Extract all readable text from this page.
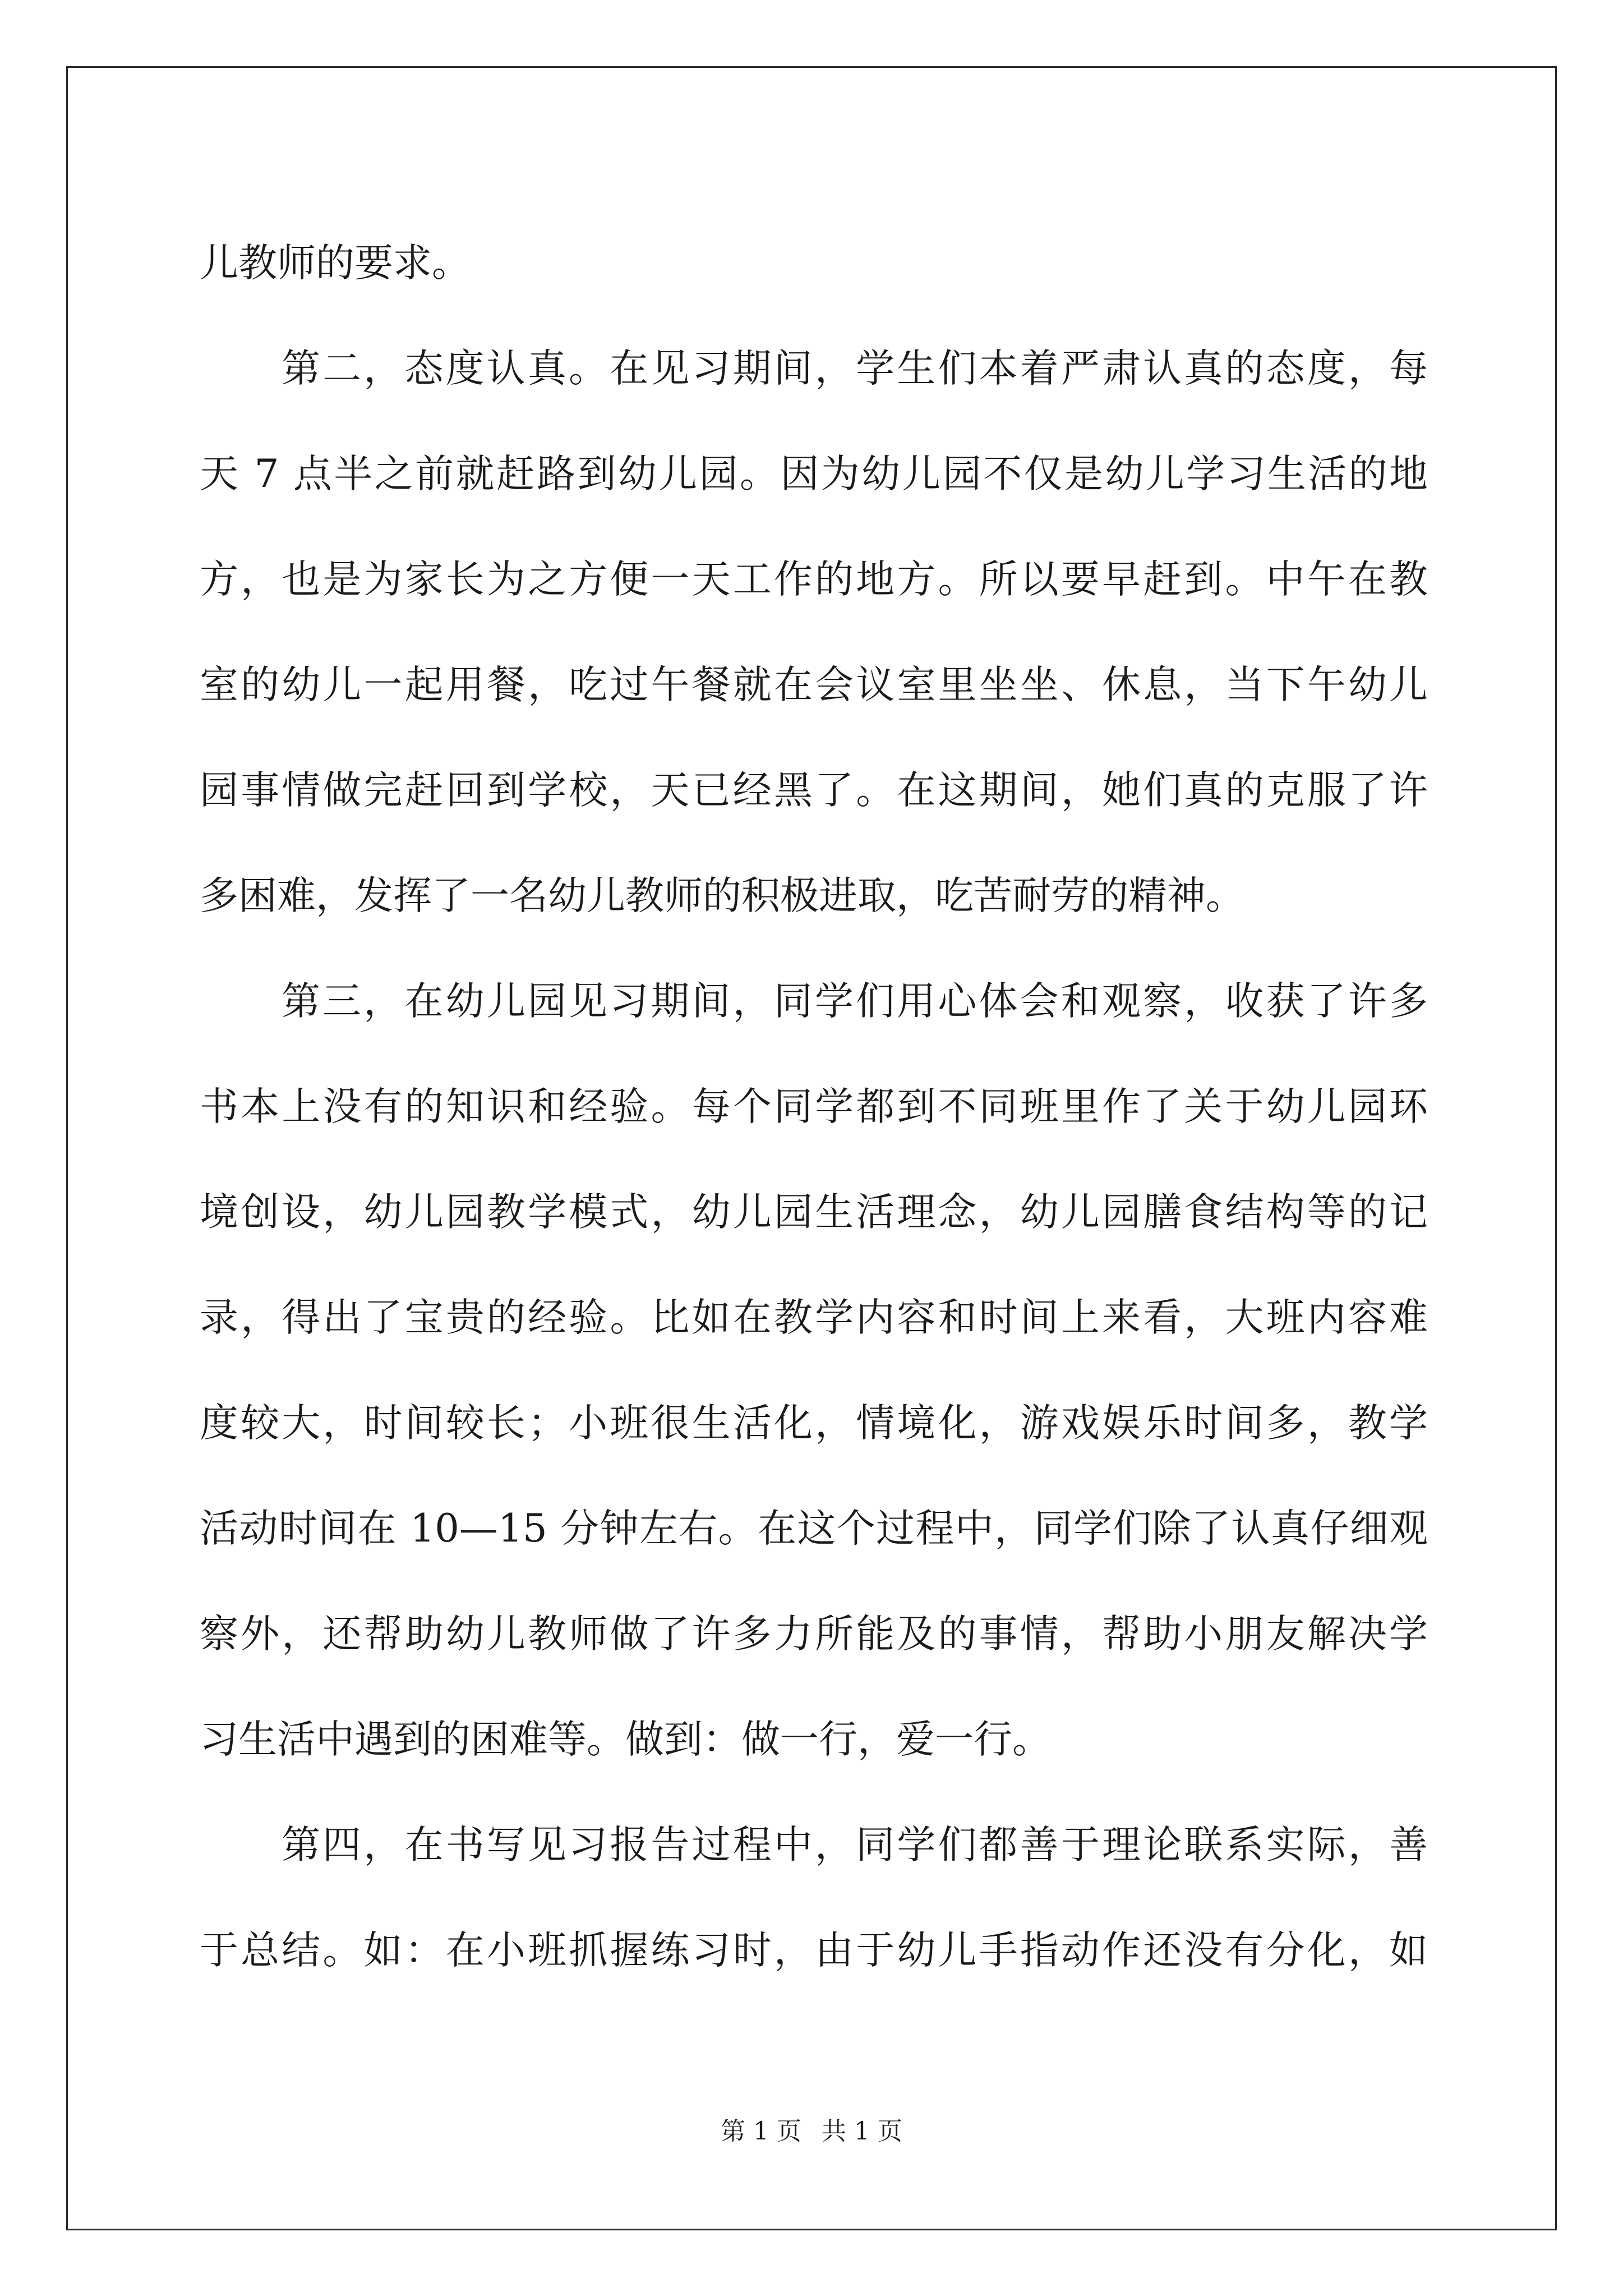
儿教师的要求。
第二，态度认真。在见习期间，学生们本着严肃认真的态度，每
天 7 点半之前就赶路到幼儿园。因为幼儿园不仅是幼儿学习生活的地
方，也是为家长为之方便一天工作的地方。所以要早赶到。中午在教
室的幼儿一起用餐，吃过午餐就在会议室里坐坐、休息，当下午幼儿
园事情做完赶回到学校，天已经黑了。在这期间，她们真的克服了许
多困难，发挥了一名幼儿教师的积极进取，吃苦耐劳的精神。
第三，在幼儿园见习期间，同学们用心体会和观察，收获了许多
书本上没有的知识和经验。每个同学都到不同班里作了关于幼儿园环
境创设，幼儿园教学模式，幼儿园生活理念，幼儿园膳食结构等的记
录，得出了宝贵的经验。比如在教学内容和时间上来看，大班内容难
度较大，时间较长；小班很生活化，情境化，游戏娱乐时间多，教学
活动时间在 10—15 分钟左右。在这个过程中，同学们除了认真仔细观
察外，还帮助幼儿教师做了许多力所能及的事情，帮助小朋友解决学
习生活中遇到的困难等。做到：做一行，爱一行。
第四，在书写见习报告过程中，同学们都善于理论联系实际，善
于总结。如：在小班抓握练习时，由于幼儿手指动作还没有分化，如
第 1 页 共 1 页
